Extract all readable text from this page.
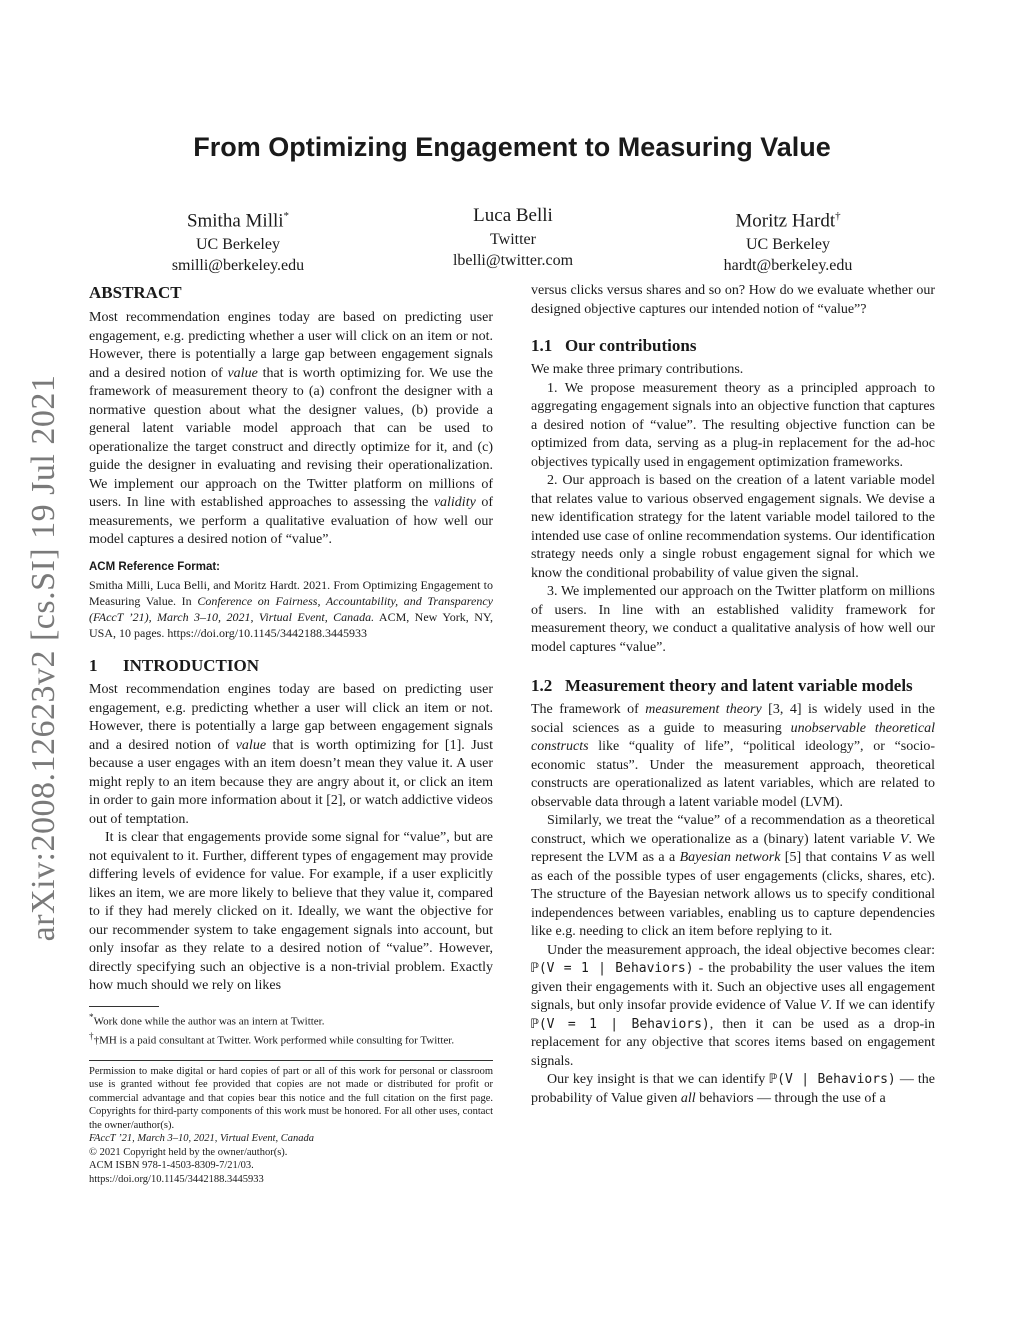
arXiv:2008.12623v2 [cs.SI] 19 Jul 2021
From Optimizing Engagement to Measuring Value
Smitha Milli*
UC Berkeley
smilli@berkeley.edu
Luca Belli
Twitter
lbelli@twitter.com
Moritz Hardt†
UC Berkeley
hardt@berkeley.edu
ABSTRACT

Most recommendation engines today are based on predicting user engagement, e.g. predicting whether a user will click on an item or not. However, there is potentially a large gap between engagement signals and a desired notion of value that is worth optimizing for. We use the framework of measurement theory to (a) confront the designer with a normative question about what the designer values, (b) provide a general latent variable model approach that can be used to operationalize the target construct and directly optimize for it, and (c) guide the designer in evaluating and revising their operationalization. We implement our approach on the Twitter platform on millions of users. In line with established approaches to assessing the validity of measurements, we perform a qualitative evaluation of how well our model captures a desired notion of “value”.

ACM Reference Format:

Smitha Milli, Luca Belli, and Moritz Hardt. 2021. From Optimizing Engagement to Measuring Value. In Conference on Fairness, Accountability, and Transparency (FAccT ’21), March 3–10, 2021, Virtual Event, Canada. ACM, New York, NY, USA, 10 pages. https://doi.org/10.1145/3442188.3445933

1 INTRODUCTION

Most recommendation engines today are based on predicting user engagement, e.g. predicting whether a user will click an item or not. However, there is potentially a large gap between engagement signals and a desired notion of value that is worth optimizing for [1]. Just because a user engages with an item doesn’t mean they value it. A user might reply to an item because they are angry about it, or click an item in order to gain more information about it [2], or watch addictive videos out of temptation.

It is clear that engagements provide some signal for “value”, but are not equivalent to it. Further, different types of engagement may provide differing levels of evidence for value. For example, if a user explicitly likes an item, we are more likely to believe that they value it, compared to if they had merely clicked on it. Ideally, we want the objective for our recommender system to take engagement signals into account, but only insofar as they relate to a desired notion of “value”. However, directly specifying such an objective is a non-trivial problem. Exactly how much should we rely on likes

*Work done while the author was an intern at Twitter.
††MH is a paid consultant at Twitter. Work performed while consulting for Twitter.

Permission to make digital or hard copies of part or all of this work for personal or classroom use is granted without fee provided that copies are not made or distributed for profit or commercial advantage and that copies bear this notice and the full citation on the first page. Copyrights for third-party components of this work must be honored. For all other uses, contact the owner/author(s).

FAccT ’21, March 3–10, 2021, Virtual Event, Canada
© 2021 Copyright held by the owner/author(s).
ACM ISBN 978-1-4503-8309-7/21/03.
https://doi.org/10.1145/3442188.3445933

versus clicks versus shares and so on? How do we evaluate whether our designed objective captures our intended notion of “value”?

1.1 Our contributions

We make three primary contributions.

1. We propose measurement theory as a principled approach to aggregating engagement signals into an objective function that captures a desired notion of “value”. The resulting objective function can be optimized from data, serving as a plug-in replacement for the ad-hoc objectives typically used in engagement optimization frameworks.

2. Our approach is based on the creation of a latent variable model that relates value to various observed engagement signals. We devise a new identification strategy for the latent variable model tailored to the intended use case of online recommendation systems. Our identification strategy needs only a single robust engagement signal for which we know the conditional probability of value given the signal.

3. We implemented our approach on the Twitter platform on millions of users. In line with an established validity framework for measurement theory, we conduct a qualitative analysis of how well our model captures “value”.

1.2 Measurement theory and latent variable models

The framework of measurement theory [3, 4] is widely used in the social sciences as a guide to measuring unobservable theoretical constructs like “quality of life”, “political ideology”, or “socio-economic status”. Under the measurement approach, theoretical constructs are operationalized as latent variables, which are related to observable data through a latent variable model (LVM).

Similarly, we treat the “value” of a recommendation as a theoretical construct, which we operationalize as a (binary) latent variable V. We represent the LVM as a a Bayesian network [5] that contains V as well as each of the possible types of user engagements (clicks, shares, etc). The structure of the Bayesian network allows us to specify conditional independences between variables, enabling us to capture dependencies like e.g. needing to click an item before replying to it.

Under the measurement approach, the ideal objective becomes clear: ℙ(V = 1 | Behaviors) - the probability the user values the item given their engagements with it. Such an objective uses all engagement signals, but only insofar provide evidence of Value V. If we can identify ℙ(V = 1 | Behaviors), then it can be used as a drop-in replacement for any objective that scores items based on engagement signals.

Our key insight is that we can identify ℙ(V | Behaviors) — the probability of Value given all behaviors — through the use of a
